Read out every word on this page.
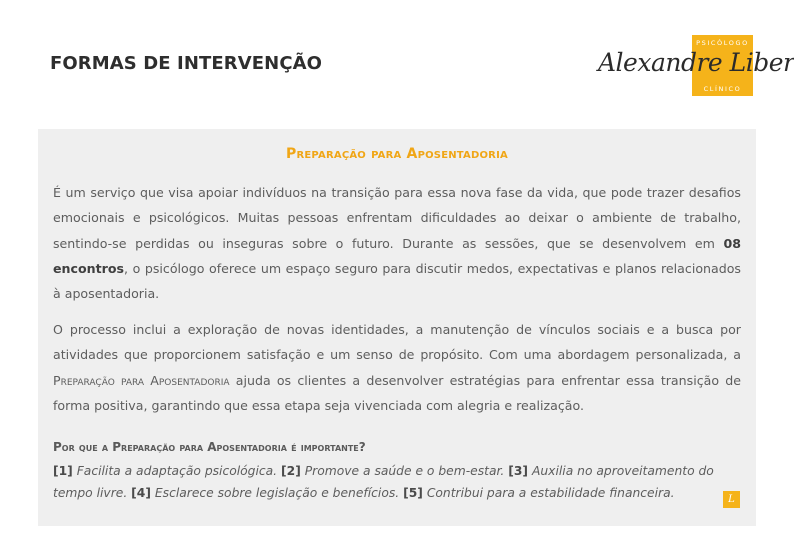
FORMAS DE INTERVENÇÃO
PSICÓLOGO
CLÍNICO
Alexandre Liber
Preparação para Aposentadoria

É um serviço que visa apoiar indivíduos na transição para essa nova fase da vida, que pode trazer desafios emocionais e psicológicos. Muitas pessoas enfrentam dificuldades ao deixar o ambiente de trabalho, sentindo-se perdidas ou inseguras sobre o futuro. Durante as sessões, que se desenvolvem em 08 encontros, o psicólogo oferece um espaço seguro para discutir medos, expectativas e planos relacionados à aposentadoria.

O processo inclui a exploração de novas identidades, a manutenção de vínculos sociais e a busca por atividades que proporcionem satisfação e um senso de propósito. Com uma abordagem personalizada, a Preparação para Aposentadoria ajuda os clientes a desenvolver estratégias para enfrentar essa transição de forma positiva, garantindo que essa etapa seja vivenciada com alegria e realização.

Por que a Preparação para Aposentadoria é importante?

[1] Facilita a adaptação psicológica. [2] Promove a saúde e o bem-estar. [3] Auxilia no aproveitamento do tempo livre. [4] Esclarece sobre legislação e benefícios. [5] Contribui para a estabilidade financeira.	L
